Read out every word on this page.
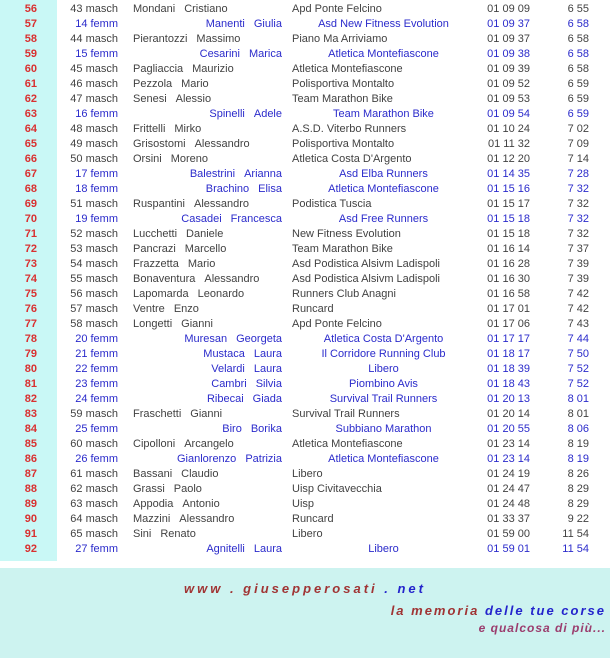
56	43 masch	Mondani Cristiano	Apd Ponte Felcino	01 09 09	6 55
57	14 femm	Manenti Giulia	Asd New Fitness Evolution	01 09 37	6 58
58	44 masch	Pierantozzi Massimo	Piano Ma Arriviamo	01 09 37	6 58
59	15 femm	Cesarini Marica	Atletica Montefiascone	01 09 38	6 58
60	45 masch	Pagliaccia Maurizio	Atletica Montefiascone	01 09 39	6 58
61	46 masch	Pezzola Mario	Polisportiva Montalto	01 09 52	6 59
62	47 masch	Senesi Alessio	Team Marathon Bike	01 09 53	6 59
63	16 femm	Spinelli Adele	Team Marathon Bike	01 09 54	6 59
64	48 masch	Frittelli Mirko	A.S.D. Viterbo Runners	01 10 24	7 02
65	49 masch	Grisostomi Alessandro	Polisportiva Montalto	01 11 32	7 09
66	50 masch	Orsini Moreno	Atletica Costa D'Argento	01 12 20	7 14
67	17 femm	Balestrini Arianna	Asd Elba Runners	01 14 35	7 28
68	18 femm	Brachino Elisa	Atletica Montefiascone	01 15 16	7 32
69	51 masch	Ruspantini Alessandro	Podistica Tuscia	01 15 17	7 32
70	19 femm	Casadei Francesca	Asd Free Runners	01 15 18	7 32
71	52 masch	Lucchetti Daniele	New Fitness Evolution	01 15 18	7 32
72	53 masch	Pancrazi Marcello	Team Marathon Bike	01 16 14	7 37
73	54 masch	Frazzetta Mario	Asd Podistica Alsivm Ladispoli	01 16 28	7 39
74	55 masch	Bonaventura Alessandro	Asd Podistica Alsivm Ladispoli	01 16 30	7 39
75	56 masch	Lapomarda Leonardo	Runners Club Anagni	01 16 58	7 42
76	57 masch	Ventre Enzo	Runcard	01 17 01	7 42
77	58 masch	Longetti Gianni	Apd Ponte Felcino	01 17 06	7 43
78	20 femm	Muresan Georgeta	Atletica Costa D'Argento	01 17 17	7 44
79	21 femm	Mustaca Laura	Il Corridore Running Club	01 18 17	7 50
80	22 femm	Velardi Laura	Libero	01 18 39	7 52
81	23 femm	Cambri Silvia	Piombino Avis	01 18 43	7 52
82	24 femm	Ribecai Giada	Survival Trail Runners	01 20 13	8 01
83	59 masch	Fraschetti Gianni	Survival Trail Runners	01 20 14	8 01
84	25 femm	Biro Borika	Subbiano Marathon	01 20 55	8 06
85	60 masch	Cipolloni Arcangelo	Atletica Montefiascone	01 23 14	8 19
86	26 femm	Gianlorenzo Patrizia	Atletica Montefiascone	01 23 14	8 19
87	61 masch	Bassani Claudio	Libero	01 24 19	8 26
88	62 masch	Grassi Paolo	Uisp Civitavecchia	01 24 47	8 29
89	63 masch	Appodia Antonio	Uisp	01 24 48	8 29
90	64 masch	Mazzini Alessandro	Runcard	01 33 37	9 22
91	65 masch	Sini Renato	Libero	01 59 00	11 54
92	27 femm	Agnitelli Laura	Libero	01 59 01	11 54
www . giusepperosati . net
la memoria delle tue corse
e qualcosa di più...
